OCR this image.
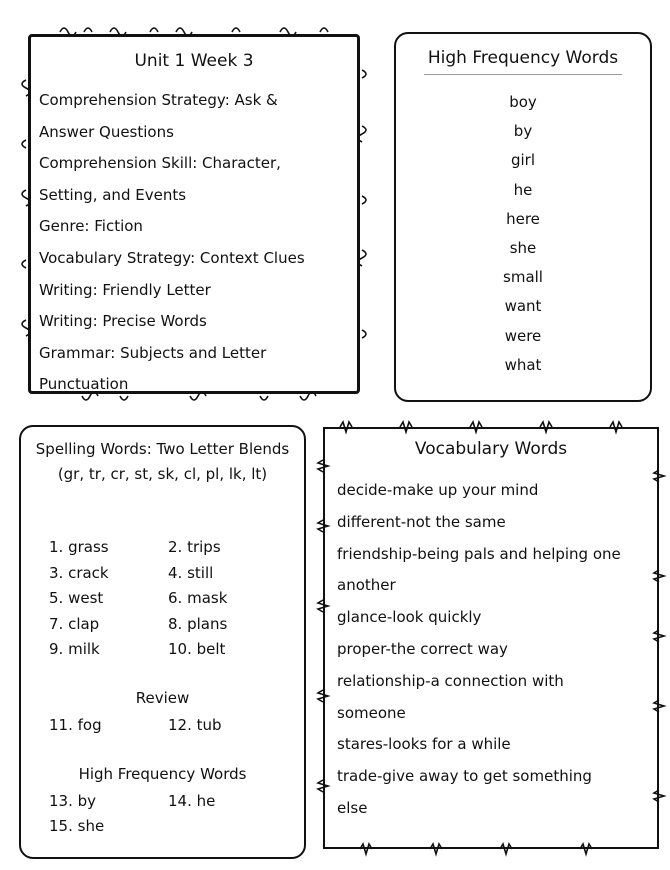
Unit 1 Week 3
Comprehension Strategy: Ask &
Answer Questions
Comprehension Skill: Character,
Setting, and Events
Genre: Fiction
Vocabulary Strategy: Context Clues
Writing: Friendly Letter
Writing: Precise Words
Grammar: Subjects and Letter
Punctuation
High Frequency Words
boy
by
girl
he
here
she
small
want
were
what
Spelling Words: Two Letter Blends (gr, tr, cr, st, sk, cl, pl, lk, lt)
1. grass	2. trips
3. crack	4. still
5. west	6. mask
7. clap	8. plans
9. milk	10. belt
Review
11. fog	12. tub
High Frequency Words
13. by	14. he
15. she
Vocabulary Words
decide-make up your mind
different-not the same
friendship-being pals and helping one
another
glance-look quickly
proper-the correct way
relationship-a connection with
someone
stares-looks for a while
trade-give away to get something
else
